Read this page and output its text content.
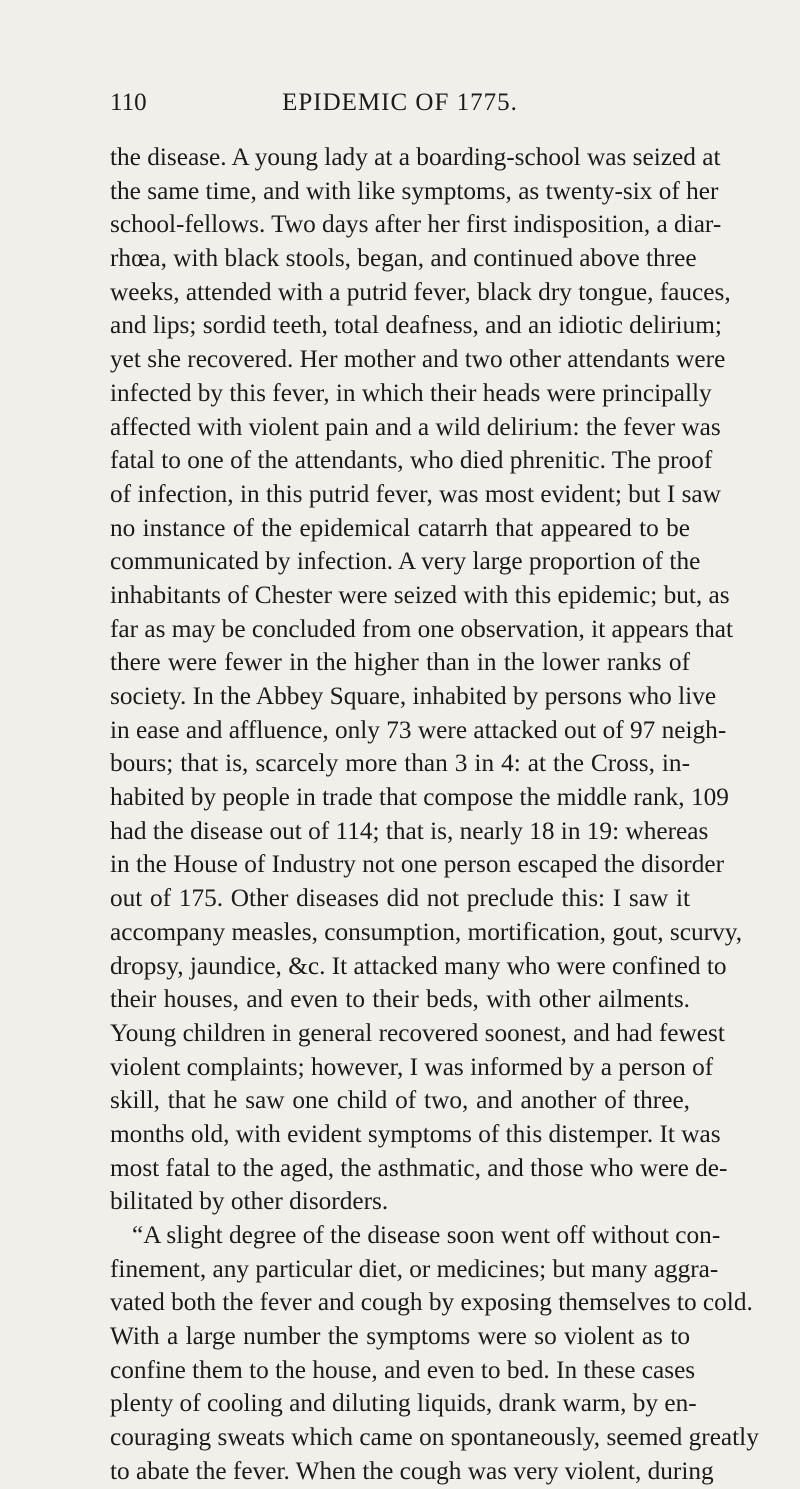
110	EPIDEMIC OF 1775.
the disease. A young lady at a boarding-school was seized at
the same time, and with like symptoms, as twenty-six of her
school-fellows. Two days after her first indisposition, a diar-
rhœa, with black stools, began, and continued above three
weeks, attended with a putrid fever, black dry tongue, fauces,
and lips; sordid teeth, total deafness, and an idiotic delirium;
yet she recovered. Her mother and two other attendants were
infected by this fever, in which their heads were principally
affected with violent pain and a wild delirium: the fever was
fatal to one of the attendants, who died phrenitic. The proof
of infection, in this putrid fever, was most evident; but I saw
no instance of the epidemical catarrh that appeared to be
communicated by infection. A very large proportion of the
inhabitants of Chester were seized with this epidemic; but, as
far as may be concluded from one observation, it appears that
there were fewer in the higher than in the lower ranks of
society. In the Abbey Square, inhabited by persons who live
in ease and affluence, only 73 were attacked out of 97 neigh-
bours; that is, scarcely more than 3 in 4: at the Cross, in-
habited by people in trade that compose the middle rank, 109
had the disease out of 114; that is, nearly 18 in 19: whereas
in the House of Industry not one person escaped the disorder
out of 175. Other diseases did not preclude this: I saw it
accompany measles, consumption, mortification, gout, scurvy,
dropsy, jaundice, &c. It attacked many who were confined to
their houses, and even to their beds, with other ailments.
Young children in general recovered soonest, and had fewest
violent complaints; however, I was informed by a person of
skill, that he saw one child of two, and another of three,
months old, with evident symptoms of this distemper. It was
most fatal to the aged, the asthmatic, and those who were de-
bilitated by other disorders.
“A slight degree of the disease soon went off without con-
finement, any particular diet, or medicines; but many aggra-
vated both the fever and cough by exposing themselves to cold.
With a large number the symptoms were so violent as to
confine them to the house, and even to bed. In these cases
plenty of cooling and diluting liquids, drank warm, by en-
couraging sweats which came on spontaneously, seemed greatly
to abate the fever. When the cough was very violent, during
